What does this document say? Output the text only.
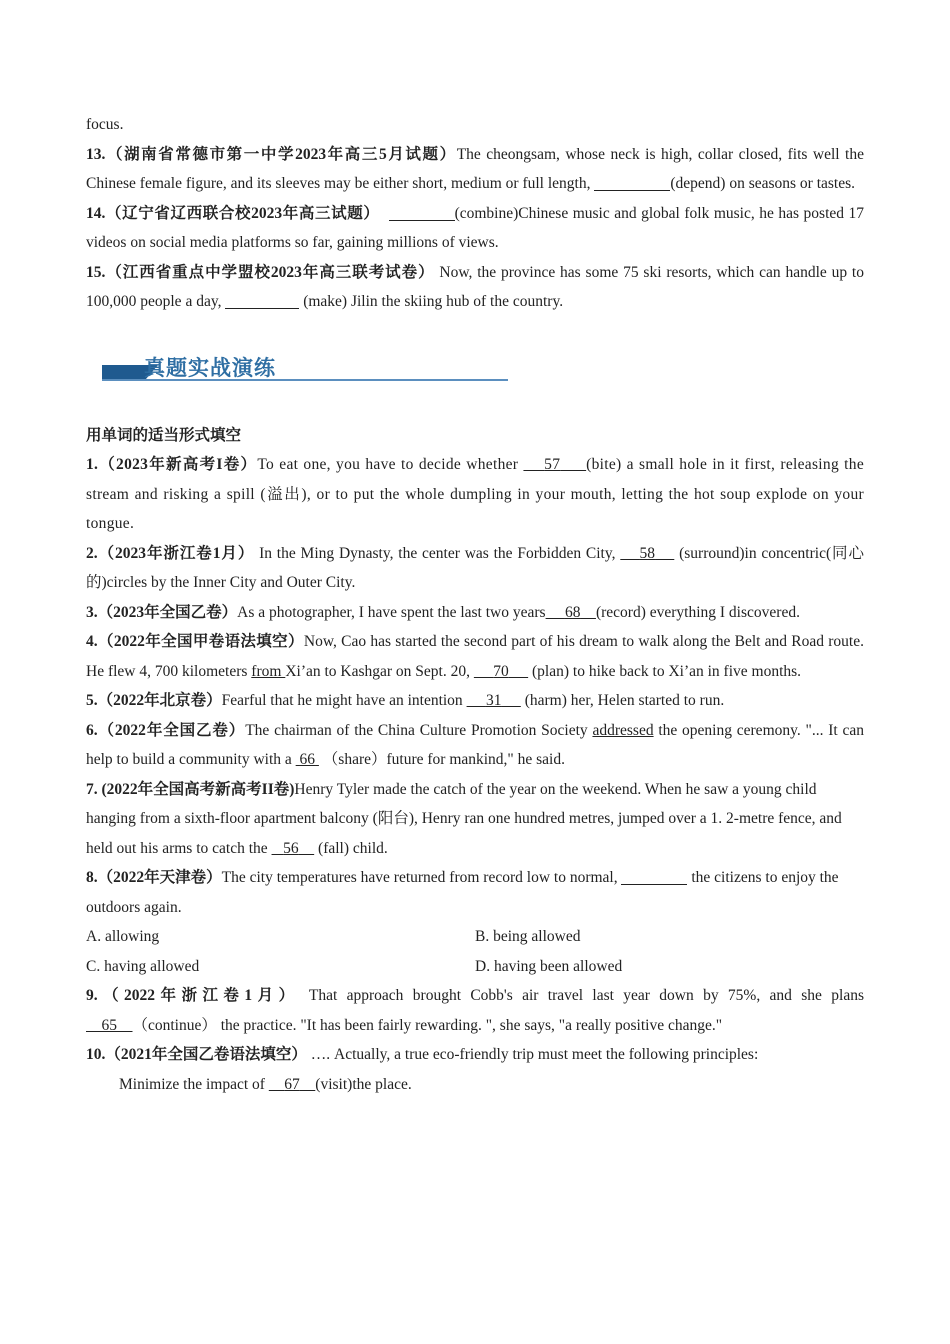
focus.

13.（湖南省常德市第一中学2023年高三5月试题）The cheongsam, whose neck is high, collar closed, fits well the Chinese female figure, and its sleeves may be either short, medium or full length,	(depend) on seasons or tastes.

14.（辽宁省辽西联合校2023年高三试题）	(combine)Chinese music and global folk music, he has posted 17 videos on social media platforms so far, gaining millions of views.

15.（江西省重点中学盟校2023年高三联考试卷） Now, the province has some 75 ski resorts, which can handle up to 100,000 people a day,	(make) Jilin the skiing hub of the country.

真题实战演练

用单词的适当形式填空

1.（2023年新高考I卷）To eat one, you have to decide whether     57 (bite) a small hole in it first, releasing the stream and risking a spill (溢出), or to put the whole dumpling in your mouth, letting the hot soup explode on your tongue.

2.（2023年浙江卷1月） In the Ming Dynasty, the center was the Forbidden City,     58     (surround)in concentric(同心的)circles by the Inner City and Outer City.

3.（2023年全国乙卷）As a photographer, I have spent the last two years 68 (record) everything I discovered.

4.（2022年全国甲卷语法填空）Now, Cao has started the second part of his dream to walk along the Belt and Road route. He flew 4, 700 kilometers from Xi’an to Kashgar on Sept. 20,      70      (plan) to hike back to Xi’an in five months.

5.（2022年北京卷）Fearful that he might have an intention      31      (harm) her, Helen started to run.

6.（2022年全国乙卷）The chairman of the China Culture Promotion Society addressed the opening ceremony. "... It can help to build a community with a  66  （share）future for mankind," he said.

7. (2022年全国高考新高考II卷)Henry Tyler made the catch of the year on the weekend. When he saw a young child hanging from a sixth-floor apartment balcony (阳台), Henry ran one hundred metres, jumped over a 1. 2-metre fence, and held out his arms to catch the    56     (fall) child.

8.（2022年天津卷）The city temperatures have returned from record low to normal,	the citizens to enjoy the outdoors again.

A. allowing	B. being allowed
C. having allowed	D. having been allowed

9.（2022年浙江卷1月） That approach brought Cobb's air travel last year down by 75%, and she plans     65 （continue） the practice. "It has been fairly rewarding. ", she says, "a really positive change."

10.（2021年全国乙卷语法填空） …. Actually, a true eco-friendly trip must meet the following principles:

Minimize the impact of     67 (visit)the place.
